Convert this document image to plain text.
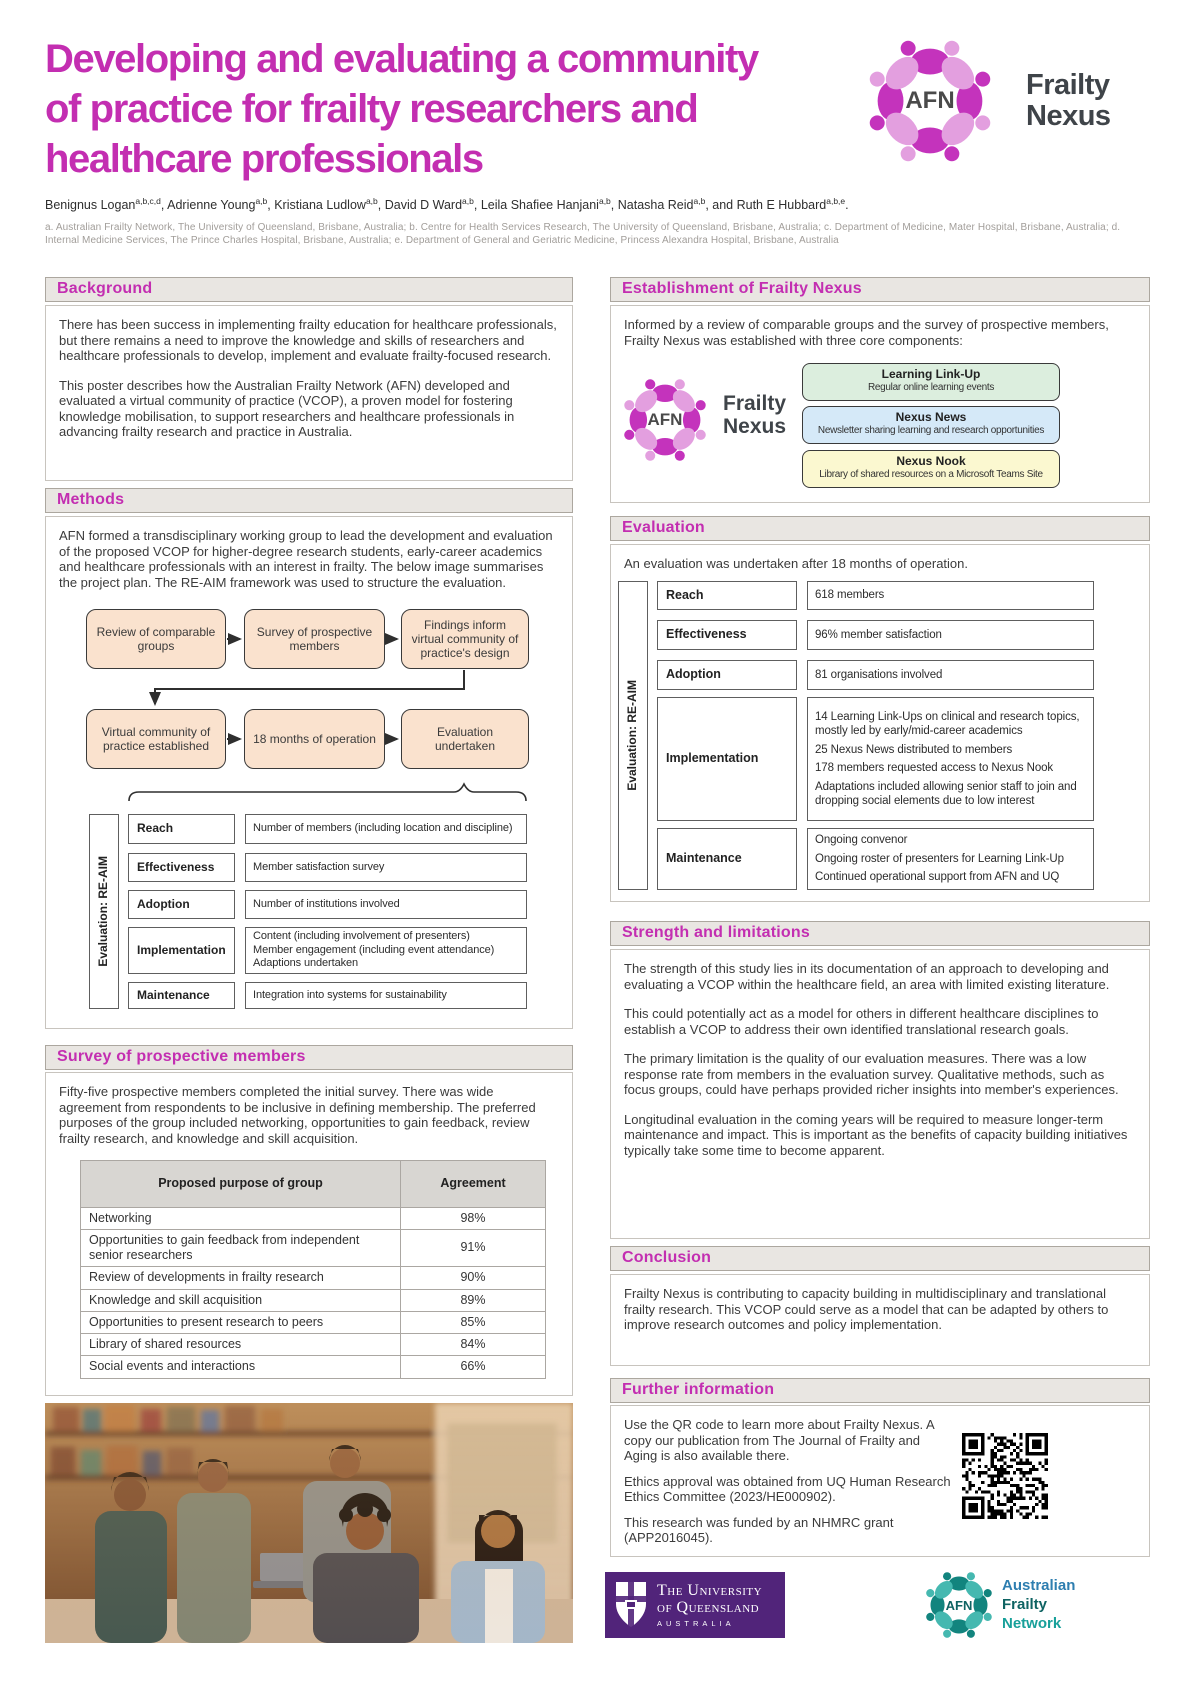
Developing and evaluating a community
of practice for frailty researchers and
healthcare professionals
AFN	Frailty
Nexus
Benignus Logan$^{a,b,c,d}$, Adrienne Young$^{a,b}$, Kristiana Ludlow$^{a,b}$, David D Ward$^{a,b}$, Leila Shafiee Hanjani$^{a,b}$, Natasha Reid$^{a,b}$, and Ruth E Hubbard$^{a,b,e}$.
a. Australian Frailty Network, The University of Queensland, Brisbane, Australia; b. Centre for Health Services Research, The University of Queensland, Brisbane, Australia; c. Department of Medicine, Mater Hospital, Brisbane, Australia; d. Internal Medicine Services, The Prince Charles Hospital, Brisbane, Australia; e. Department of General and Geriatric Medicine, Princess Alexandra Hospital, Brisbane, Australia
Background

There has been success in implementing frailty education for healthcare professionals, but there remains a need to improve the knowledge and skills of researchers and healthcare professionals to develop, implement and evaluate frailty-focused research.

This poster describes how the Australian Frailty Network (AFN) developed and evaluated a virtual community of practice (VCOP), a proven model for fostering knowledge mobilisation, to support researchers and healthcare professionals in advancing frailty research and practice in Australia.

Methods

AFN formed a transdisciplinary working group to lead the development and evaluation of the proposed VCOP for higher-degree research students, early-career academics and healthcare professionals with an interest in frailty. The below image summarises the project plan. The RE-AIM framework was used to structure the evaluation.

Review of comparable groups
Survey of prospective members
Findings inform virtual community of practice's design
Virtual community of practice established
18 months of operation
Evaluation undertaken
Evaluation: RE-AIM
Reach	Number of members (including location and discipline)
Effectiveness	Member satisfaction survey
Adoption	Number of institutions involved
Implementation
Content (including involvement of presenters)
Member engagement (including event attendance)
Adaptions undertaken
Maintenance	Integration into systems for sustainability
Survey of prospective members

Fifty-five prospective members completed the initial survey. There was wide agreement from respondents to be inclusive in defining membership. The preferred purposes of the group included networking, opportunities to gain feedback, review frailty research, and knowledge and skill acquisition.

Proposed purpose of group	Agreement
Networking	98%
Opportunities to gain feedback from independent senior researchers	91%
Review of developments in frailty research	90%
Knowledge and skill acquisition	89%
Opportunities to present research to peers	85%
Library of shared resources	84%
Social events and interactions	66%
Establishment of Frailty Nexus

Informed by a review of comparable groups and the survey of prospective members, Frailty Nexus was established with three core components:

AFN
Frailty
Nexus
Learning Link-Up
Regular online learning events
Nexus News
Newsletter sharing learning and research opportunities
Nexus Nook
Library of shared resources on a Microsoft Teams Site
Evaluation

An evaluation was undertaken after 18 months of operation.

Evaluation: RE-AIM
Reach	618 members
Effectiveness	96% member satisfaction
Adoption	81 organisations involved
Implementation
14 Learning Link-Ups on clinical and research topics, mostly led by early/mid-career academics
25 Nexus News distributed to members
178 members requested access to Nexus Nook
Adaptations included allowing senior staff to join and dropping social elements due to low interest
Maintenance
Ongoing convenor
Ongoing roster of presenters for Learning Link-Up
Continued operational support from AFN and UQ
Strength and limitations

The strength of this study lies in its documentation of an approach to developing and evaluating a VCOP within the healthcare field, an area with limited existing literature.

This could potentially act as a model for others in different healthcare disciplines to establish a VCOP to address their own identified translational research goals.

The primary limitation is the quality of our evaluation measures. There was a low response rate from members in the evaluation survey. Qualitative methods, such as focus groups, could have perhaps provided richer insights into member's experiences.

Longitudinal evaluation in the coming years will be required to measure longer-term maintenance and impact. This is important as the benefits of capacity building initiatives typically take some time to become apparent.

Conclusion

Frailty Nexus is contributing to capacity building in multidisciplinary and translational frailty research. This VCOP could serve as a model that can be adapted by others to improve research outcomes and policy implementation.

Further information

Use the QR code to learn more about Frailty Nexus. A copy our publication from The Journal of Frailty and Aging is also available there.

Ethics approval was obtained from UQ Human Research Ethics Committee (2023/HE000902).

This research was funded by an NHMRC grant (APP2016045).

The University
of Queensland
AUSTRALIA
AFN
Australian
Frailty
Network
